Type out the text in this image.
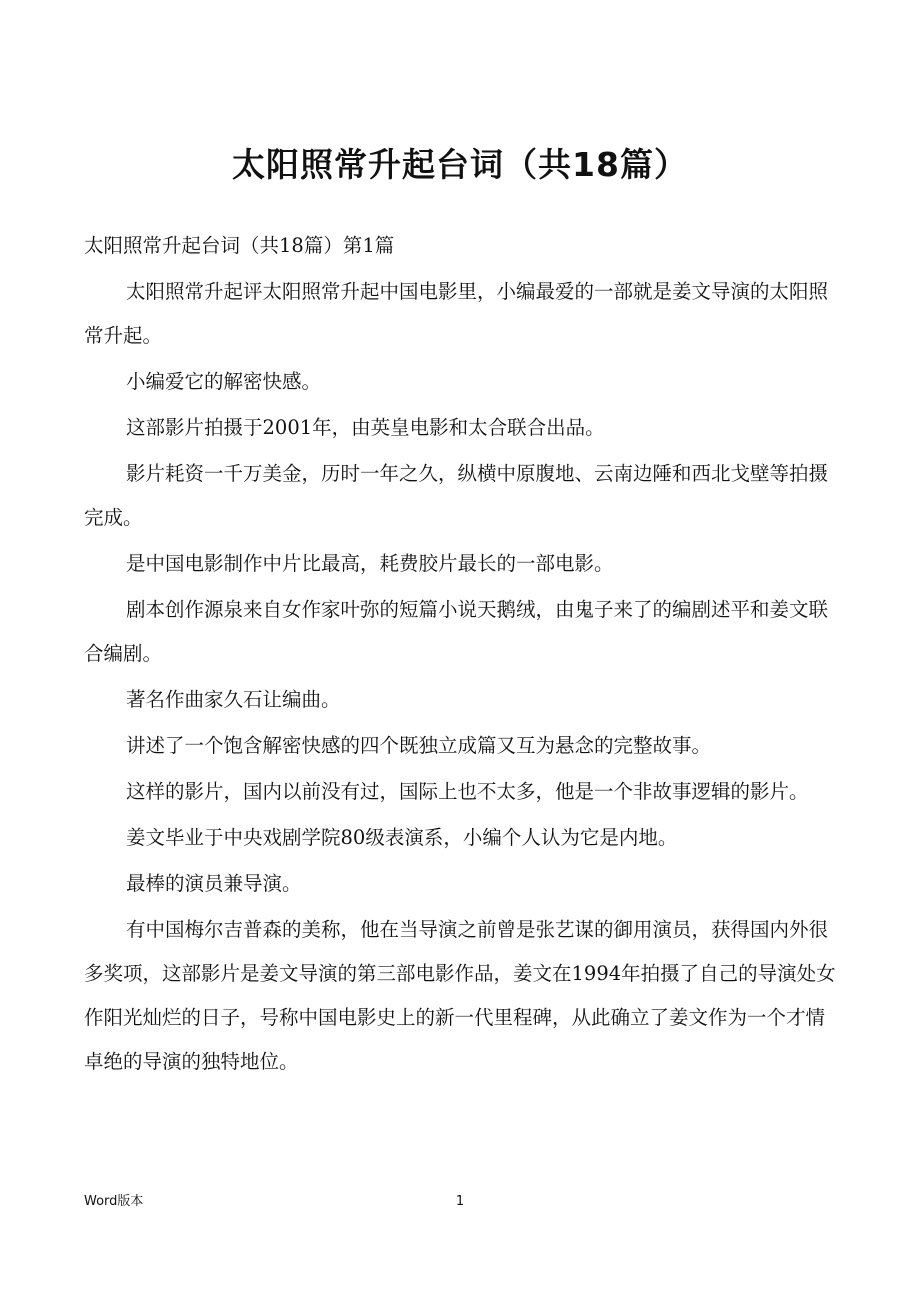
太阳照常升起台词（共18篇）

太阳照常升起台词（共18篇）第1篇

太阳照常升起评太阳照常升起中国电影里，小编最爱的一部就是姜文导演的太阳照常升起。

小编爱它的解密快感。

这部影片拍摄于2001年，由英皇电影和太合联合出品。

影片耗资一千万美金，历时一年之久，纵横中原腹地、云南边陲和西北戈壁等拍摄完成。

是中国电影制作中片比最高，耗费胶片最长的一部电影。

剧本创作源泉来自女作家叶弥的短篇小说天鹅绒，由鬼子来了的编剧述平和姜文联合编剧。

著名作曲家久石让编曲。

讲述了一个饱含解密快感的四个既独立成篇又互为悬念的完整故事。

这样的影片，国内以前没有过，国际上也不太多，他是一个非故事逻辑的影片。

姜文毕业于中央戏剧学院80级表演系，小编个人认为它是内地。

最棒的演员兼导演。

有中国梅尔吉普森的美称，他在当导演之前曾是张艺谋的御用演员，获得国内外很多奖项，这部影片是姜文导演的第三部电影作品，姜文在1994年拍摄了自己的导演处女作阳光灿烂的日子，号称中国电影史上的新一代里程碑，从此确立了姜文作为一个才情卓绝的导演的独特地位。

Word版本	1
